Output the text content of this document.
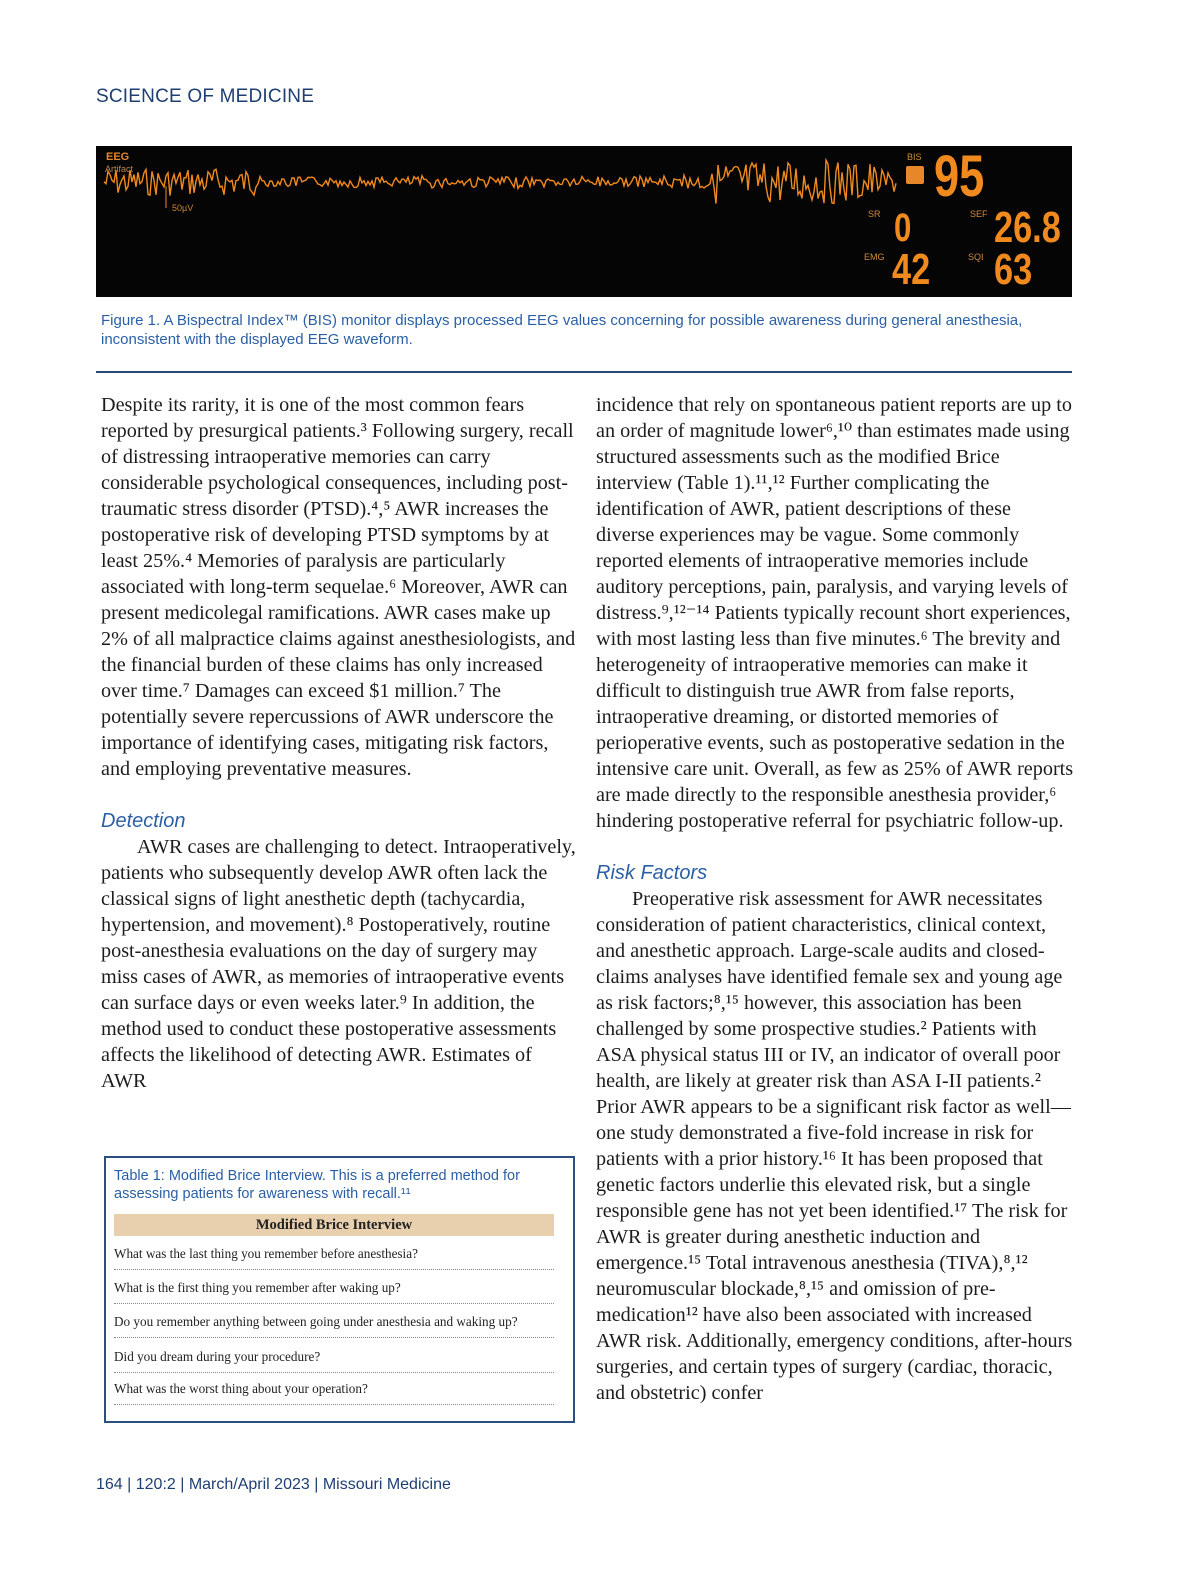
SCIENCE OF MEDICINE
EEG
Artifact
50µV
BIS 95
SR 0	SEF 26.8
EMG 42	SQI 63
Figure 1. A Bispectral Index™ (BIS) monitor displays processed EEG values concerning for possible awareness during general anesthesia, inconsistent with the displayed EEG waveform.

Despite its rarity, it is one of the most common fears reported by presurgical patients.³ Following surgery, recall of distressing intraoperative memories can carry considerable psychological consequences, including post-traumatic stress disorder (PTSD).⁴,⁵ AWR increases the postoperative risk of developing PTSD symptoms by at least 25%.⁴ Memories of paralysis are particularly associated with long-term sequelae.⁶ Moreover, AWR can present medicolegal ramifications. AWR cases make up 2% of all malpractice claims against anesthesiologists, and the financial burden of these claims has only increased over time.⁷ Damages can exceed $1 million.⁷ The potentially severe repercussions of AWR underscore the importance of identifying cases, mitigating risk factors, and employing preventative measures.

Detection

AWR cases are challenging to detect. Intraoperatively, patients who subsequently develop AWR often lack the classical signs of light anesthetic depth (tachycardia, hypertension, and movement).⁸ Postoperatively, routine post-anesthesia evaluations on the day of surgery may miss cases of AWR, as memories of intraoperative events can surface days or even weeks later.⁹ In addition, the method used to conduct these postoperative assessments affects the likelihood of detecting AWR. Estimates of AWR

incidence that rely on spontaneous patient reports are up to an order of magnitude lower⁶,¹⁰ than estimates made using structured assessments such as the modified Brice interview (Table 1).¹¹,¹² Further complicating the identification of AWR, patient descriptions of these diverse experiences may be vague. Some commonly reported elements of intraoperative memories include auditory perceptions, pain, paralysis, and varying levels of distress.⁹,¹²⁻¹⁴ Patients typically recount short experiences, with most lasting less than five minutes.⁶ The brevity and heterogeneity of intraoperative memories can make it difficult to distinguish true AWR from false reports, intraoperative dreaming, or distorted memories of perioperative events, such as postoperative sedation in the intensive care unit. Overall, as few as 25% of AWR reports are made directly to the responsible anesthesia provider,⁶ hindering postoperative referral for psychiatric follow-up.

Risk Factors

Preoperative risk assessment for AWR necessitates consideration of patient characteristics, clinical context, and anesthetic approach. Large-scale audits and closed-claims analyses have identified female sex and young age as risk factors;⁸,¹⁵ however, this association has been challenged by some prospective studies.² Patients with ASA physical status III or IV, an indicator of overall poor health, are likely at greater risk than ASA I-II patients.² Prior AWR appears to be a significant risk factor as well—one study demonstrated a five-fold increase in risk for patients with a prior history.¹⁶ It has been proposed that genetic factors underlie this elevated risk, but a single responsible gene has not yet been identified.¹⁷ The risk for AWR is greater during anesthetic induction and emergence.¹⁵ Total intravenous anesthesia (TIVA),⁸,¹² neuromuscular blockade,⁸,¹⁵ and omission of pre-medication¹² have also been associated with increased AWR risk. Additionally, emergency conditions, after-hours surgeries, and certain types of surgery (cardiac, thoracic, and obstetric) confer

Table 1: Modified Brice Interview. This is a preferred method for assessing patients for awareness with recall.¹¹
Modified Brice Interview
What was the last thing you remember before anesthesia?
What is the first thing you remember after waking up?
Do you remember anything between going under anesthesia and waking up?
Did you dream during your procedure?
What was the worst thing about your operation?
164 | 120:2 | March/April 2023 | Missouri Medicine
